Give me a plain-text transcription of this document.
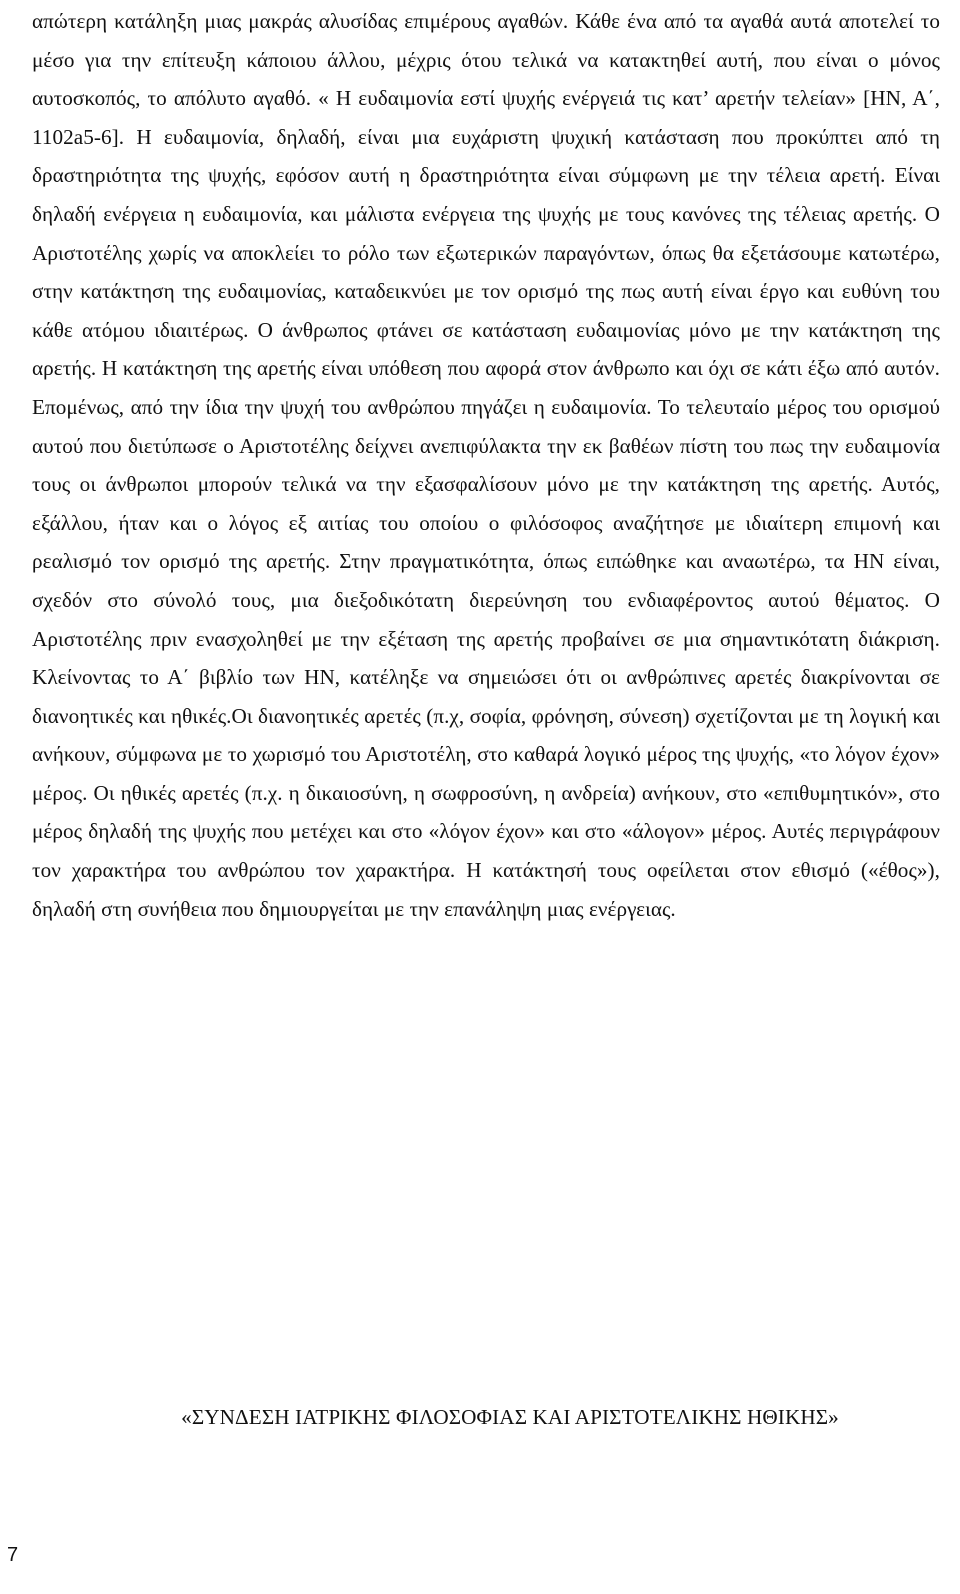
απώτερη κατάληξη μιας μακράς αλυσίδας επιμέρους αγαθών. Κάθε ένα από τα αγαθά αυτά αποτελεί το μέσο για την επίτευξη κάποιου άλλου, μέχρις ότου τελικά να κατακτηθεί αυτή, που είναι ο μόνος αυτοσκοπός, το απόλυτο αγαθό. « Η ευδαιμονία εστί ψυχής ενέργειά τις κατ’ αρετήν τελείαν» [ΗΝ, Α΄, 1102a5-6]. Η ευδαιμονία, δηλαδή, είναι μια ευχάριστη ψυχική κατάσταση που προκύπτει από τη δραστηριότητα της ψυχής, εφόσον αυτή η δραστηριότητα είναι σύμφωνη με την τέλεια αρετή. Είναι δηλαδή ενέργεια η ευδαιμονία, και μάλιστα ενέργεια της ψυχής με τους κανόνες της τέλειας αρετής. Ο Αριστοτέλης χωρίς να αποκλείει το ρόλο των εξωτερικών παραγόντων, όπως θα εξετάσουμε κατωτέρω, στην κατάκτηση της ευδαιμονίας, καταδεικνύει με τον ορισμό της πως αυτή είναι έργο και ευθύνη του κάθε ατόμου ιδιαιτέρως. Ο άνθρωπος φτάνει σε κατάσταση ευδαιμονίας μόνο με την κατάκτηση της αρετής. Η κατάκτηση της αρετής είναι υπόθεση που αφορά στον άνθρωπο και όχι σε κάτι έξω από αυτόν. Επομένως, από την ίδια την ψυχή του ανθρώπου πηγάζει η ευδαιμονία. Το τελευταίο μέρος του ορισμού αυτού που διετύπωσε ο Αριστοτέλης δείχνει ανεπιφύλακτα την εκ βαθέων πίστη του πως την ευδαιμονία τους οι άνθρωποι μπορούν τελικά να την εξασφαλίσουν μόνο με την κατάκτηση της αρετής. Αυτός, εξάλλου, ήταν και ο λόγος εξ αιτίας του οποίου ο φιλόσοφος αναζήτησε με ιδιαίτερη επιμονή και ρεαλισμό τον ορισμό της αρετής. Στην πραγματικότητα, όπως ειπώθηκε και αναωτέρω, τα ΗΝ είναι, σχεδόν στο σύνολό τους, μια διεξοδικότατη διερεύνηση του ενδιαφέροντος αυτού θέματος. Ο Αριστοτέλης πριν ενασχοληθεί με την εξέταση της αρετής προβαίνει σε μια σημαντικότατη διάκριση. Κλείνοντας το Α΄ βιβλίο των ΗΝ, κατέληξε να σημειώσει ότι οι ανθρώπινες αρετές διακρίνονται σε διανοητικές και ηθικές.Οι διανοητικές αρετές (π.χ, σοφία, φρόνηση, σύνεση) σχετίζονται με τη λογική και ανήκουν, σύμφωνα με το χωρισμό του Αριστοτέλη, στο καθαρά λογικό μέρος της ψυχής, «το λόγον έχον» μέρος. Οι ηθικές αρετές (π.χ. η δικαιοσύνη, η σωφροσύνη, η ανδρεία) ανήκουν, στο «επιθυμητικόν», στο μέρος δηλαδή της ψυχής που μετέχει και στο «λόγον έχον» και στο «άλογον» μέρος. Αυτές περιγράφουν τον χαρακτήρα του ανθρώπου τον χαρακτήρα. Η κατάκτησή τους οφείλεται στον εθισμό («έθος»), δηλαδή στη συνήθεια που δημιουργείται με την επανάληψη μιας ενέργειας.

«ΣΥΝΔΕΣΗ ΙΑΤΡΙΚΗΣ ΦΙΛΟΣΟΦΙΑΣ ΚΑΙ ΑΡΙΣΤΟΤΕΛΙΚΗΣ ΗΘΙΚΗΣ»

7
